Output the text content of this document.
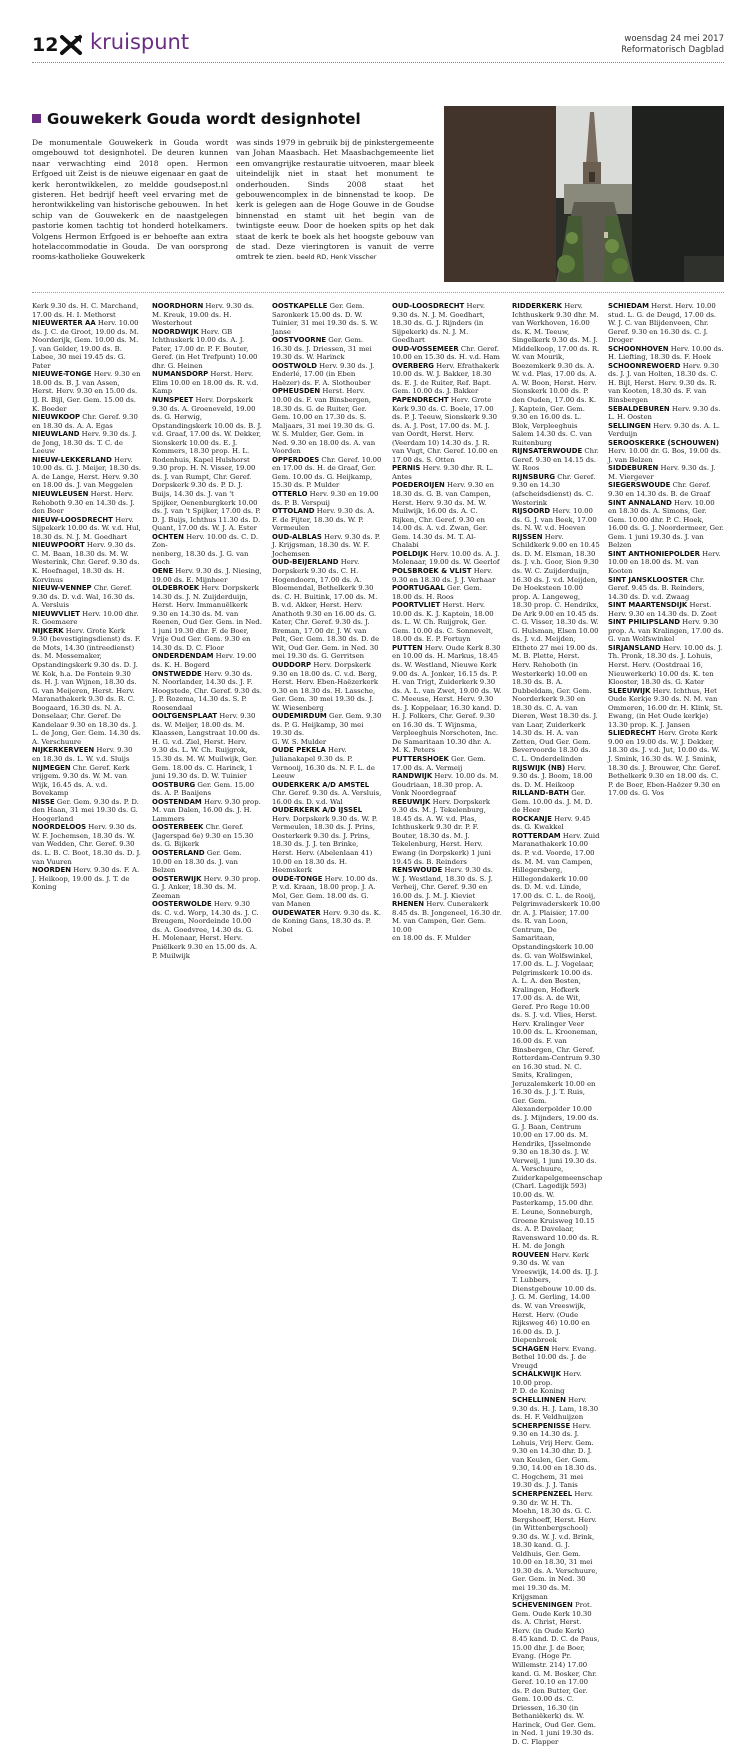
12 kruispunt	woensdag 24 mei 2017
Reformatorisch Dagblad
Gouwekerk Gouda wordt designhotel
De monumentale Gouwekerk in Gouda wordt omgebouwd tot designhotel. De deuren kunnen naar verwachting eind 2018 open. Hermon Erfgoed uit Zeist is de nieuwe eigenaar en gaat de kerk herontwikkelen, zo meldde goudsepost.nl gisteren. Het bedrijf heeft veel ervaring met de herontwikkeling van historische gebouwen.  In het schip van de Gouwekerk en de naastgelegen pastorie komen tachtig tot honderd hotelkamers. Volgens Hermon Erfgoed is er behoefte aan extra hotelaccommodatie in Gouda.  De van oorsprong rooms-katholieke Gouwekerk
was sinds 1979 in gebruik bij de pinkstergemeente van Johan Maasbach. Het Maasbachgemeente liet een omvangrijke restauratie uitvoeren, maar bleek uiteindelijk niet in staat het monument te onderhouden. Sinds 2008 staat het gebouwencomplex in de binnenstad te koop.  De kerk is gelegen aan de Hoge Gouwe in de Goudse binnenstad en stamt uit het begin van de twintigste eeuw. Door de hoeken spits op het dak staat de kerk te boek als het hoogste gebouw van de stad. Deze vieringtoren is vanuit de verre omtrek te zien. beeld RD, Henk Visscher

Kerk 9.30 ds. H. C. Marchand, 17.00 ds. H. I. Methorst

NIEUWERTER AA Herv. 10.00 ds. J. C. de Groot, 19.00 ds. M. Noorderijk, Gem. 10.00 ds. M. J. van Gelder, 19.00 ds. B. Labee, 30 mei 19.45 ds. G. Pater

NIEUWE-TONGE Herv. 9.30 en 18.00 ds. B. J. van Assen, Herst. Herv. 9.30 en 15.00 ds. IJ. R. Bijl, Ger. Gem. 15.00 ds. K. Boeder

NIEUWKOOP Chr. Geref. 9.30 en 18.30 ds. A. A. Egas

NIEUWLAND Herv. 9.30 ds. J. de Jong, 18.30 ds. T. C. de Leeuw

NIEUW-LEKKERLAND Herv. 10.00 ds. G. J. Meijer, 18.30 ds. A. de Lange, Herst. Herv. 9.30 en 18.00 ds. J. van Meggelen

NIEUWLEUSEN Herst. Herv. Rehoboth 9.30 en 14.30 ds. J. den Boer

NIEUW-LOOSDRECHT Herv. Sijpekerk 10.00 ds. W. v.d. Hul, 18.30 ds. N. J. M. Goedhart

NIEUWPOORT Herv. 9.30 ds. C. M. Baan, 18.30 ds. M. W. Westerink, Chr. Geref. 9.30 ds. K. Hoefnagel, 18.30 ds. H. Korvinus

NIEUW-VENNEP Chr. Geref. 9.30 ds. D. v.d. Wal, 16.30 ds. A. Versluis

NIEUWVLIET Herv. 10.00 dhr. R. Goemaere

NIJKERK Herv. Grote Kerk 9.30 (bevestigingsdienst) ds. F. de Mots, 14.30 (intreedienst) ds. M. Messemaker, Opstandingskerk 9.30 ds. D. J. W. Kok, h.a. De Fontein 9.30 ds. H. J. van Wijnen, 18.30 ds. G. van Meijeren, Herst. Herv. Maranathakerk 9.30 ds. R. C. Boogaard, 16.30 ds. N. A. Donselaar, Chr. Geref. De Kandelaar 9.30 en 18.30 ds. J. L. de Jong, Ger. Gem. 14.30 ds. A. Verschuure

NIJKERKERVEEN Herv. 9.30 en 18.30 ds. L. W. v.d. Sluijs

NIJMEGEN Chr. Geref. Kerk vrijgem. 9.30 ds. W. M. van Wijk, 16.45 ds. A. v.d. Bovekamp

NISSE Ger. Gem. 9.30 ds. P. D. den Haan, 31 mei 19.30 ds. G. Hoogerland

NOORDELOOS Herv. 9.30 ds. W. F. Jochemsen, 18.30 ds. W. van Wedden, Chr. Geref. 9.30 ds. L. B. C. Boot, 18.30 ds. D. J. van Vuuren

NOORDEN Herv. 9.30 ds. F. A. J. Heikoop, 19.00 ds. J. T. de Koning

NOORDHORN Herv. 9.30 ds. M. Kreuk, 19.00 ds. H. Westerhout

NOORDWIJK Herv. GB Ichthuskerk 10.00 ds. A. J. Pater, 17.00 dr. P. F. Bouter, Geref. (in Het Trefpunt) 10.00 dhr. G. Heinen

NUMANSDORP Herst. Herv. Elim 10.00 en 18.00 ds. R. v.d. Kamp

NUNSPEET Herv. Dorpskerk 9.30 ds. A. Groeneveld, 19.00 ds. G. Herwig, Opstandingskerk 10.00 ds. B. J. v.d. Graaf, 17.00 ds. W. Dekker, Sionskerk 10.00 ds. E. J. Kommers, 18.30 prop. H. L. Rodenhuis, Kapel Hulshorst 9.30 prop. H. N. Visser, 19.00 ds. J. van Rumpt, Chr. Geref. Dorpskerk 9.30 ds. P. D. J. Buijs, 14.30 ds. J. van 't Spijker, Oenenburgkerk 10.00 ds. J. van 't Spijker, 17.00 ds. P. D. J. Buijs, Ichthus 11.30 ds. D. Quant, 17.00 ds. W. J. A. Ester

OCHTEN Herv. 10.00 ds. C. D. Zon-

nenberg, 18.30 ds. J. G. van Goch

OENE Herv. 9.30 ds. J. Niesing, 19.00 ds. E. Mijnheer

OLDEBROEK Herv. Dorpskerk 14.30 ds. J. N. Zuijderduijn, Herst. Herv. Immanuëlkerk 9.30 en 14.30 ds. M. van Reenen, Oud Ger. Gem. in Ned. 1 juni 19.30 dhr. F. de Boer, Vrije Oud Ger. Gem. 9.30 en 14.30 ds. D. C. Floor

ONDERDENDAM Herv. 19.00 ds. K. H. Bogerd

ONSTWEDDE Herv. 9.30 ds. N. Noorlander, 14.30 ds. J. F. Hoogstede, Chr. Geref. 9.30 ds. J. P. Rozema, 14.30 ds. S. P. Roosendaal

OOLTGENSPLAAT Herv. 9.30 ds. W. Meijer, 18.00 ds. M. Klaassen, Langstraat 10.00 ds. H. G. v.d. Ziel, Herst. Herv. 9.30 ds. L. W. Ch. Ruijgrok, 15.30 ds. M. W. Muilwijk, Ger. Gem. 18.00 ds. C. Harinck, 1 juni 19.30 ds. D. W. Tuinier

OOSTBURG Ger. Gem. 15.00 ds. A. P. Baaijens

OOSTENDAM Herv. 9.30 prop. M. van Dalen, 16.00 ds. J. H. Lammers

OOSTERBEEK Chr. Geref. (Jagerspad 6e) 9.30 en 15.30 ds. G. Bijkerk

OOSTERLAND Ger. Gem. 10.00 en 18.30 ds. J. van Belzen

OOSTERWIJK Herv. 9.30 prop. G. J. Anker, 18.30 ds. M. Zeeman

OOSTERWOLDE Herv. 9.30 ds. C. v.d. Worp, 14.30 ds. J. C. Breugem, Noordeinde 10.00 ds. A. Goedvree, 14.30 ds. G. H. Molenaar, Herst. Herv. Pniëlkerk 9.30 en 15.00 ds. A. P. Muilwijk

OOSTKAPELLE Ger. Gem. Saronkerk 15.00 ds. D. W. Tuinier, 31 mei 19.30 ds. S. W. Janse

OOSTVOORNE Ger. Gem. 16.30 ds. J. Driessen, 31 mei 19.30 ds. W. Harinck

OOSTWOLD Herv. 9.30 ds. J. Enderlé, 17.00 (in Eben Haëzer) ds. F. A. Slothouber

OPHEUSDEN Herst. Herv. 10.00 ds. F. van Binsbergen, 18.30 ds. G. de Ruiter, Ger. Gem. 10.00 en 17.30 ds. S. Maljaars, 31 mei 19.30 ds. G. W. S. Mulder, Ger. Gem. in Ned. 9.30 en 18.00 ds. A. van Voorden

OPPERDOES Chr. Geref. 10.00 en 17.00 ds. H. de Graaf, Ger. Gem. 10.00 ds. G. Heijkamp, 15.30 ds. P. Mulder

OTTERLO Herv. 9.30 en 19.00 ds. P. B. Verspuij

OTTOLAND Herv. 9.30 ds. A. F. de Fijter, 18.30 ds. W. P. Vermeulen

OUD-ALBLAS Herv. 9.30 ds. P. J. Krijgsman, 18.30 ds. W. F. Jochemsen

OUD-BEIJERLAND Herv. Dorpskerk 9.30 ds. C. H. Hogendoorn, 17.00 ds. A. Bloemendal, Bethelkerk 9.30 ds. C. H. Buitink, 17.00 ds. M. B. v.d. Akker, Herst. Herv. Anathoth 9.30 en 16.00 ds. G. Kater, Chr. Geref. 9.30 ds. J. Breman, 17.00 dr. J. W. van Pelt, Ger. Gem. 18.30 ds. D. de Wit, Oud Ger. Gem. in Ned. 30 mei 19.30 ds. G. Gerritsen

OUDDORP Herv. Dorpskerk 9.30 en 18.00 ds. C. v.d. Berg, Herst. Herv. Eben-Haëzerkerk 9.30 en 18.30 ds. H. Lassche, Ger. Gem. 30 mei 19.30 ds. J. W. Wiesenberg

OUDEMIRDUM Ger. Gem. 9.30 ds. P. G. Heijkamp, 30 mei 19.30 ds.

G. W. S. Mulder

OUDE PEKELA Herv. Julianakapel 9.30 ds. P. Vernooij, 16.30 ds. N. F. L. de Leeuw

OUDERKERK A/D AMSTEL Chr. Geref. 9.30 ds. A. Versluis, 16.00 ds. D. v.d. Wal

OUDERKERK A/D IJSSEL Herv. Dorpskerk 9.30 ds. W. P. Vermeulen, 18.30 ds. J. Prins, Oosterkerk 9.30 ds. J. Prins, 18.30 ds. J. J. ten Brinke, Herst. Herv. (Abelenlaan 41) 10.00 en 18.30 ds. H. Heemskerk

OUDE-TONGE Herv. 10.00 ds. P. v.d. Kraan, 18.00 prop. J. A. Mol, Ger. Gem. 18.00 ds. G. van Manen

OUDEWATER Herv. 9.30 ds. K. de Koning Gans, 18.30 ds. P. Nobel

OUD-LOOSDRECHT Herv. 9.30 ds. N. J. M. Goedhart, 18.30 ds. G. J. Rijnders (in Sijpekerk) ds. N. J. M. Goedhart

OUD-VOSSEMEER Chr. Geref. 10.00 en 15.30 ds. H. v.d. Ham

OVERBERG Herv. Efrathakerk 10.00 ds. W. J. Bakker, 18.30 ds. E. J. de Ruiter, Ref. Bapt. Gem. 10.00 ds. J. Bakker

PAPENDRECHT Herv. Grote Kerk 9.30 ds. C. Boele, 17.00 ds. P. J. Teeuw, Sionskerk 9.30 ds. A. J. Post, 17.00 ds. M. J. van Oordt, Herst. Herv. (Veerdam 10) 14.30 ds. J. R. van Vugt, Chr. Geref. 10.00 en 17.00 ds. S. Otten

PERNIS Herv. 9.30 dhr. R. L. Antes

POEDEROIJEN Herv. 9.30 en 18.30 ds. G. B. van Campen, Herst. Herv. 9.30 ds. M. W. Muilwijk, 16.00 ds. A. C. Rijken, Chr. Geref. 9.30 en 14.00 ds. A. v.d. Zwan, Ger. Gem. 14.30 ds. M. T. Al-Chalabi

POELDIJK Herv. 10.00 ds. A. J. Molenaar, 19.00 ds. W. Geerlof

POLSBROEK & VLIST Herv. 9.30 en 18.30 ds. J. J. Verhaar

POORTUGAAL Ger. Gem. 18.00 ds. H. Roos

POORTVLIET Herst. Herv. 10.00 ds. K. J. Kaptein, 18.00 ds. L. W. Ch. Ruijgrok, Ger. Gem. 10.00 ds. C. Sonnevelt, 18.00 ds. E. P. Fortuyn

PUTTEN Herv. Oude Kerk 8.30 en 10.00 ds. H. Markus, 18.45 ds. W. Westland, Nieuwe Kerk 9.00 ds. A. Jonker, 16.15 ds. P. H. van Trigt, Zuiderkerk 9.30 ds. A. L. van Zwet, 19.00 ds. W. C. Meeuse, Herst. Herv. 9.30 ds. J. Koppelaar, 16.30 kand. D. H. J. Folkers, Chr. Geref. 9.30 en 16.30 ds. T. Wijnsma, Verpleeghuis Norschoten, Inc. De Samaritaan 10.30 dhr. A. M. K. Peters

PUTTERSHOEK Ger. Gem. 17.00 ds. A. Vermeij

RANDWIJK Herv. 10.00 ds. M. Goudriaan, 18.30 prop. A. Vonk Noordegraaf

REEUWIJK Herv. Dorpskerk 9.30 ds. M. J. Tekelenburg, 18.45 ds. A. W. v.d. Plas, Ichthuskerk 9.30 dr. P. F. Bouter, 18.30 ds. M. J. Tekelenburg, Herst. Herv. Ewang (in Dorpskerk) 1 juni 19.45 ds. B. Reinders

RENSWOUDE Herv. 9.30 ds. W. J. Westland, 18.30 ds. S. J. Verheij, Chr. Geref. 9.30 en 16.00 ds. J. M. J. Kieviet

RHENEN Herv. Cunerakerk 8.45 ds. B. Jongeneel, 16.30 dr. M. van Campen, Ger. Gem. 10.00

en 18.00 ds. F. Mulder

RIDDERKERK Herv. Ichthuskerk 9.30 dhr. M. van Werkhoven, 16.00 ds. K. M. Teeuw, Singelkerk 9.30 ds. M. J. Middelkoop, 17.00 ds. R. W. van Mourik, Boezemkerk 9.30 ds. A. W. v.d. Plas, 17.00 ds. A. A. W. Boon, Herst. Herv. Sionskerk 10.00 ds. P. den Ouden, 17.00 ds. K. J. Kaptein, Ger. Gem. 9.30 en 16.00 ds. L. Blok, Verpleeghuis Salem 14.30 ds. C. van Ruitenburg

RIJNSATERWOUDE Chr. Geref. 9.30 en 14.15 ds. W. Roos

RIJNSBURG Chr. Geref. 9.30 en 14.30 (afscheidsdienst) ds. C. Westerink

RIJSOORD Herv. 10.00 ds. G. J. van Beek, 17.00 ds. N. W. v.d. Hoeven

RIJSSEN Herv. Schildkerk 9.00 en 10.45 ds. D. M. Elsman, 18.30 ds. J. v.h. Goor, Sion 9.30 ds. W. C. Zuijderduijn, 16.30 ds. J. v.d. Meijden, De Hoeksteen 10.00 prop. A. Langeweg, 18.30 prop. C. Hendrikx, De Ark 9.00 en 10.45 ds. C. G. Visser, 18.30 ds. W. G. Hulsman, Elsen 10.00 ds. J. v.d. Meijden, Eltheto 27 mei 19.00 ds. M. B. Plette, Herst. Herv. Rehoboth (in Westerkerk) 10.00 en 18.30 ds. B. A. Dubbeldam, Ger. Gem. Noorderkerk 9.30 en 18.30 ds. C. A. van Dieren, West 18.30 ds. J. van Laar, Zuiderkerk 14.30 ds. H. A. van Zetten, Oud Ger. Gem. Bevervoorde 18.30 ds. C. L. Onderdelinden

RIJSWIJK (NB) Herv. 9.30 ds. J. Boom, 18.00 ds. D. M. Heikoop

RILLAND-BATH Ger. Gem. 10.00 ds. J. M. D. de Heer

ROCKANJE Herv. 9.45 ds. G. Kwakkel

ROTTERDAM Herv. Zuid Maranathakerk 10.00 ds. P. v.d. Voorde, 17.00 ds. M. M. van Campen, Hillegersberg, Hillegondakerk 10.00 ds. D. M. v.d. Linde, 17.00 ds. C. L. de Rooij, Pelgrimvaderskerk 10.00 dr. A. J. Plaisier, 17.00 ds. R. van Loon, Centrum, De Samaritaan, Opstandingskerk 10.00 ds. G. van Wolfswinkel, 17.00 ds. L. J. Vogelaar, Pelgrimskerk 10.00 ds. A. L. A. den Besten, Kralingen, Hofkerk 17.00 ds. A. de Wit, Geref. Pro Rege 10.00 ds. S. J. v.d. Vlies, Herst. Herv. Kralinger Veer 10.00 ds. L. Krooneman, 16.00 ds. F. van Binsbergen, Chr. Geref. Rotterdam-Centrum 9.30 en 16.30 stud. N. C. Smits, Kralingen, Jeruzalemkerk 10.00 en 16.30 ds. J. J. T. Ruis, Ger. Gem. Alexanderpolder 10.00 ds. J. Mijnders, 19.00 ds. G. J. Baan, Centrum 10.00 en 17.00 ds. M. Hendriks, IJsselmonde 9.30 en 18.30 ds. J. W. Verweij, 1 juni 19.30 ds. A. Verschuure, Zuiderkapelgemeenschap (Charl. Lagedijk 593) 10.00 ds. W. Pasterkamp, 15.00 dhr. E. Leune, Sonneburgh, Groene Kruisweg 10.15 ds. A. P. Davelaar, Ravensward 10.00 ds. R. H. M. de Jongh

ROUVEEN Herv. Kerk 9.30 ds. W. van Vreeswijk, 14.00 ds. IJ. J. T. Lubbers, Dienstgebouw 10.00 ds. J. G. M. Gerling, 14.00 ds. W. van Vreeswijk, Herst. Herv. (Oude Rijksweg 46) 10.00 en 16.00 ds. D. J. Diepenbroek

SCHAGEN Herv. Evang. Bethel 10.00 ds. J. de Vreugd

SCHALKWIJK Herv. 10.00 prop.

P. D. de Koning

SCHELLINNEN Herv. 9.30 ds. H. J. Lam, 18.30 ds. H. F. Veldhuijzen

SCHERPENISSE Herv. 9.30 en 14.30 ds. J. Lohuis, Vrij Herv. Gem. 9.30 en 14.30 dhr. D. J. van Keulen, Ger. Gem. 9.30, 14.00 en 18.30 ds. C. Hogchem, 31 mei 19.30 ds. J. J. Tanis

SCHERPENZEEL Herv. 9.30 dr. W. H. Th. Moehn, 18.30 ds. G. C. Bergshoeff, Herst. Herv. (in Wittenbergschool) 9.30 ds. W. J. v.d. Brink, 18.30 kand. G. J. Veldhuis, Ger. Gem. 10.00 en 18.30, 31 mei 19.30 ds. A. Verschuure, Ger. Gem. in Ned. 30 mei 19.30 ds. M. Krijgsman

SCHEVENINGEN Prot. Gem. Oude Kerk 10.30 ds. A. Christ, Herst. Herv. (in Oude Kerk) 8.45 kand. D. C. de Paus, 15.00 dhr. J. de Boer, Evang. (Hoge Pr. Willemstr. 214) 17.00 kand. G. M. Bosker, Chr. Geref. 10.10 en 17.00 ds. P. den Butter, Ger. Gem. 10.00 ds. C. Driessen, 16.30 (in Bethaniëkerk) ds. W. Harinck, Oud Ger. Gem. in Ned. 1 juni 19.30 ds. D. C. Flapper

SCHIEDAM Herst. Herv. 10.00 stud. L. G. de Deugd, 17.00 ds. W. J. C. van Blijdenveen, Chr. Geref. 9.30 en 16.30 ds. C. J. Droger

SCHOONHOVEN Herv. 10.00 ds. H. Liefting, 18.30 ds. F. Hoek

SCHOONREWOERD Herv. 9.30 ds. J. J. van Holten, 18.30 ds. C. H. Bijl, Herst. Herv. 9.30 ds. R. van Kooten, 18.30 ds. F. van Binsbergen

SEBALDEBUREN Herv. 9.30 ds. L. H. Oosten

SELLINGEN Herv. 9.30 ds. A. L. Verduijn

SEROOSKERKE (SCHOUWEN) Herv. 10.00 dr. G. Bos, 19.00 ds. J. van Belzen

SIDDEBUREN Herv. 9.30 ds. J. M. Viergever

SIEGERSWOUDE Chr. Geref. 9.30 en 14.30 ds. B. de Graaf

SINT ANNALAND Herv. 10.00 en 18.30 ds. A. Simons, Ger. Gem. 10.00 dhr. P. C. Hoek, 16.00 ds. G. J. Noordermeer, Ger. Gem. 1 juni 19.30 ds. J. van Belzen

SINT ANTHONIEPOLDER Herv. 10.00 en 18.00 ds. M. van Kooten

SINT JANSKLOOSTER Chr. Geref. 9.45 ds. B. Reinders, 14.30 ds. D. v.d. Zwaag

SINT MAARTENSDIJK Herst. Herv. 9.30 en 14.30 ds. D. Zoet

SINT PHILIPSLAND Herv. 9.30 prop. A. van Kralingen, 17.00 ds. G. van Wolfswinkel

SIRJANSLAND Herv. 10.00 ds. J. Th. Pronk, 18.30 ds. J. Lohuis, Herst. Herv. (Oostdraai 16, Nieuwerkerk) 10.00 ds. K. ten Klooster, 18.30 ds. G. Kater

SLEEUWIJK Herv. Ichthus, Het Oude Kerkje 9.30 ds. N. M. van Ommeren, 16.00 dr. H. Klink, St. Ewang, (in Het Oude kerkje) 13.30 prop. K. J. Jansen

SLIEDRECHT Herv. Grote Kerk 9.00 en 19.00 ds. W. J. Dekker, 18.30 ds. J. v.d. Jut, 10.00 ds. W. J. Smink, 16.30 ds. W. J. Smink, 18.30 ds. J. Brouwer, Chr. Geref. Bethelkerk 9.30 en 18.00 ds. C. P. de Boer, Eben-Haëzer 9.30 en 17.00 ds. G. Vos
